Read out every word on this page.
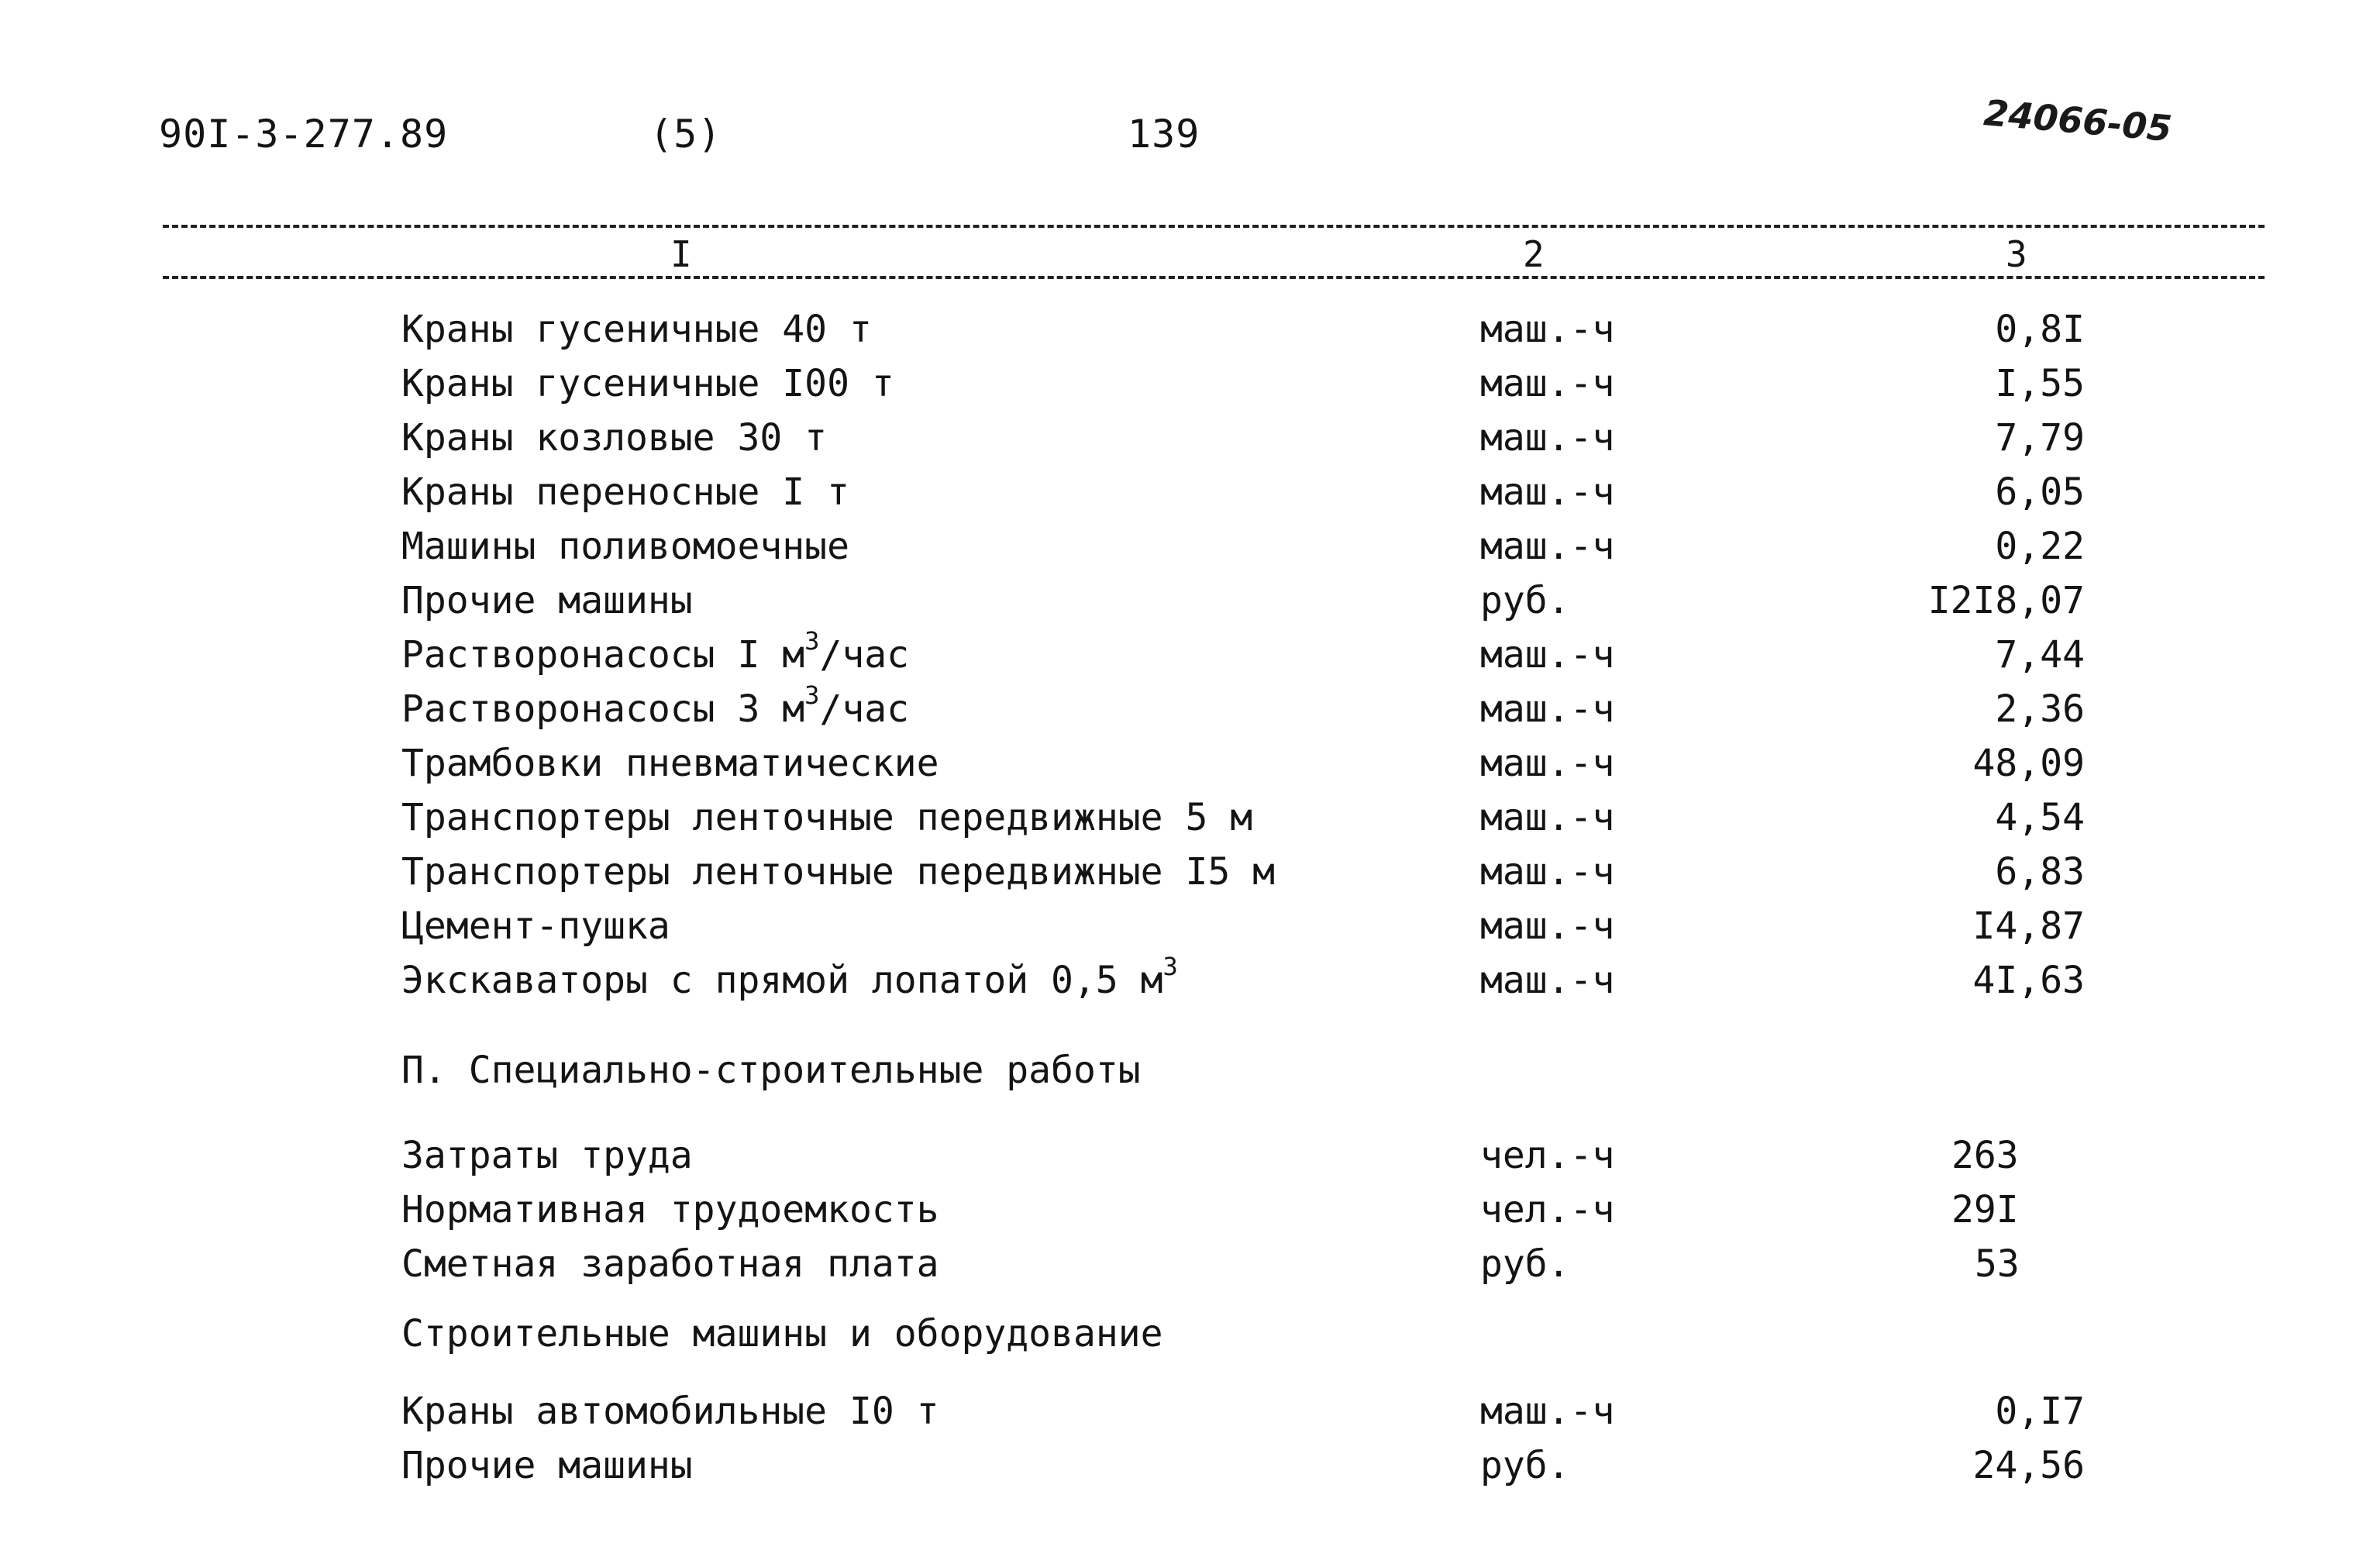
90I-3-277.89	(5)	139	24066-05
I	2	3
Краны гусеничные 40 т	маш.-ч	0,8I
Краны гусеничные I00 т	маш.-ч	I,55
Краны козловые 30 т	маш.-ч	7,79
Краны переносные I т	маш.-ч	6,05
Машины поливомоечные	маш.-ч	0,22
Прочие машины	руб.	I2I8,07
Растворонасосы I $м^3$/час	маш.-ч	7,44
Растворонасосы 3 $м^3$/час	маш.-ч	2,36
Трамбовки пневматические	маш.-ч	48,09
Транспортеры ленточные передвижные 5 м	маш.-ч	4,54
Транспортеры ленточные передвижные I5 м	маш.-ч	6,83
Цемент-пушка	маш.-ч	I4,87
Экскаваторы с прямой лопатой 0,5 $м^3$	маш.-ч	4I,63
П. Специально-строительные работы
Затраты труда	чел.-ч	263
Нормативная трудоемкость	чел.-ч	29I
Сметная заработная плата	руб.	53
Строительные машины и оборудование
Краны автомобильные I0 т	маш.-ч	0,I7
Прочие машины	руб.	24,56
